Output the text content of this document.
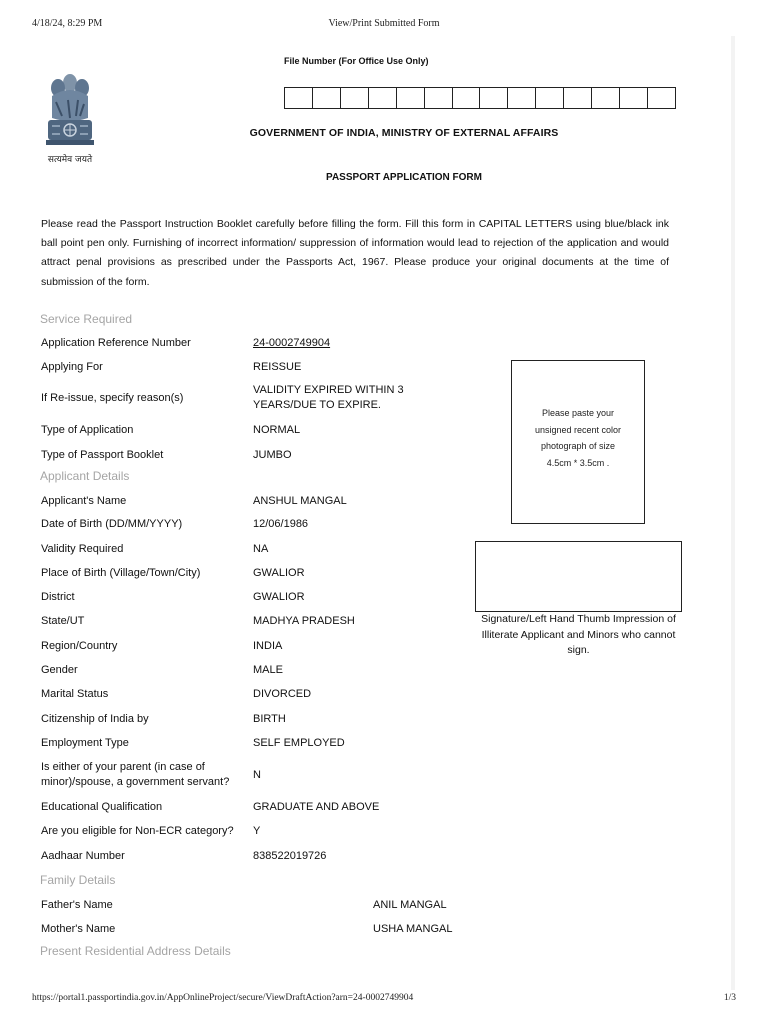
4/18/24, 8:29 PM	View/Print Submitted Form
सत्यमेव जयते
File Number (For Office Use Only)
GOVERNMENT OF INDIA, MINISTRY OF EXTERNAL AFFAIRS
PASSPORT APPLICATION FORM

Please read the Passport Instruction Booklet carefully before filling the form. Fill this form in CAPITAL LETTERS using blue/black ink ball point pen only. Furnishing of incorrect information/ suppression of information would lead to rejection of the application and would attract penal provisions as prescribed under the Passports Act, 1967. Please produce your original documents at the time of submission of the form.

Service Required
Application Reference Number	24-0002749904
Applying For	REISSUE
If Re-issue, specify reason(s)
VALIDITY EXPIRED WITHIN 3 YEARS/DUE TO EXPIRE.
Type of Application	NORMAL
Type of Passport Booklet	JUMBO
Applicant Details
Applicant's Name	ANSHUL MANGAL
Date of Birth (DD/MM/YYYY)	12/06/1986
Validity Required	NA
Place of Birth (Village/Town/City)	GWALIOR
District	GWALIOR
State/UT	MADHYA PRADESH
Region/Country	INDIA
Gender	MALE
Marital Status	DIVORCED
Citizenship of India by	BIRTH
Employment Type	SELF EMPLOYED
Is either of your parent (in case of minor)/spouse, a government servant?
N
Educational Qualification	GRADUATE AND ABOVE
Are you eligible for Non-ECR category?	Y
Aadhaar Number	838522019726
Family Details
Father's Name	ANIL MANGAL
Mother's Name	USHA MANGAL
Present Residential Address Details
Please paste your
unsigned recent color
photograph of size
4.5cm * 3.5cm .
Signature/Left Hand Thumb Impression of Illiterate Applicant and Minors who cannot sign.
https://portal1.passportindia.gov.in/AppOnlineProject/secure/ViewDraftAction?arn=24-0002749904	1/3
